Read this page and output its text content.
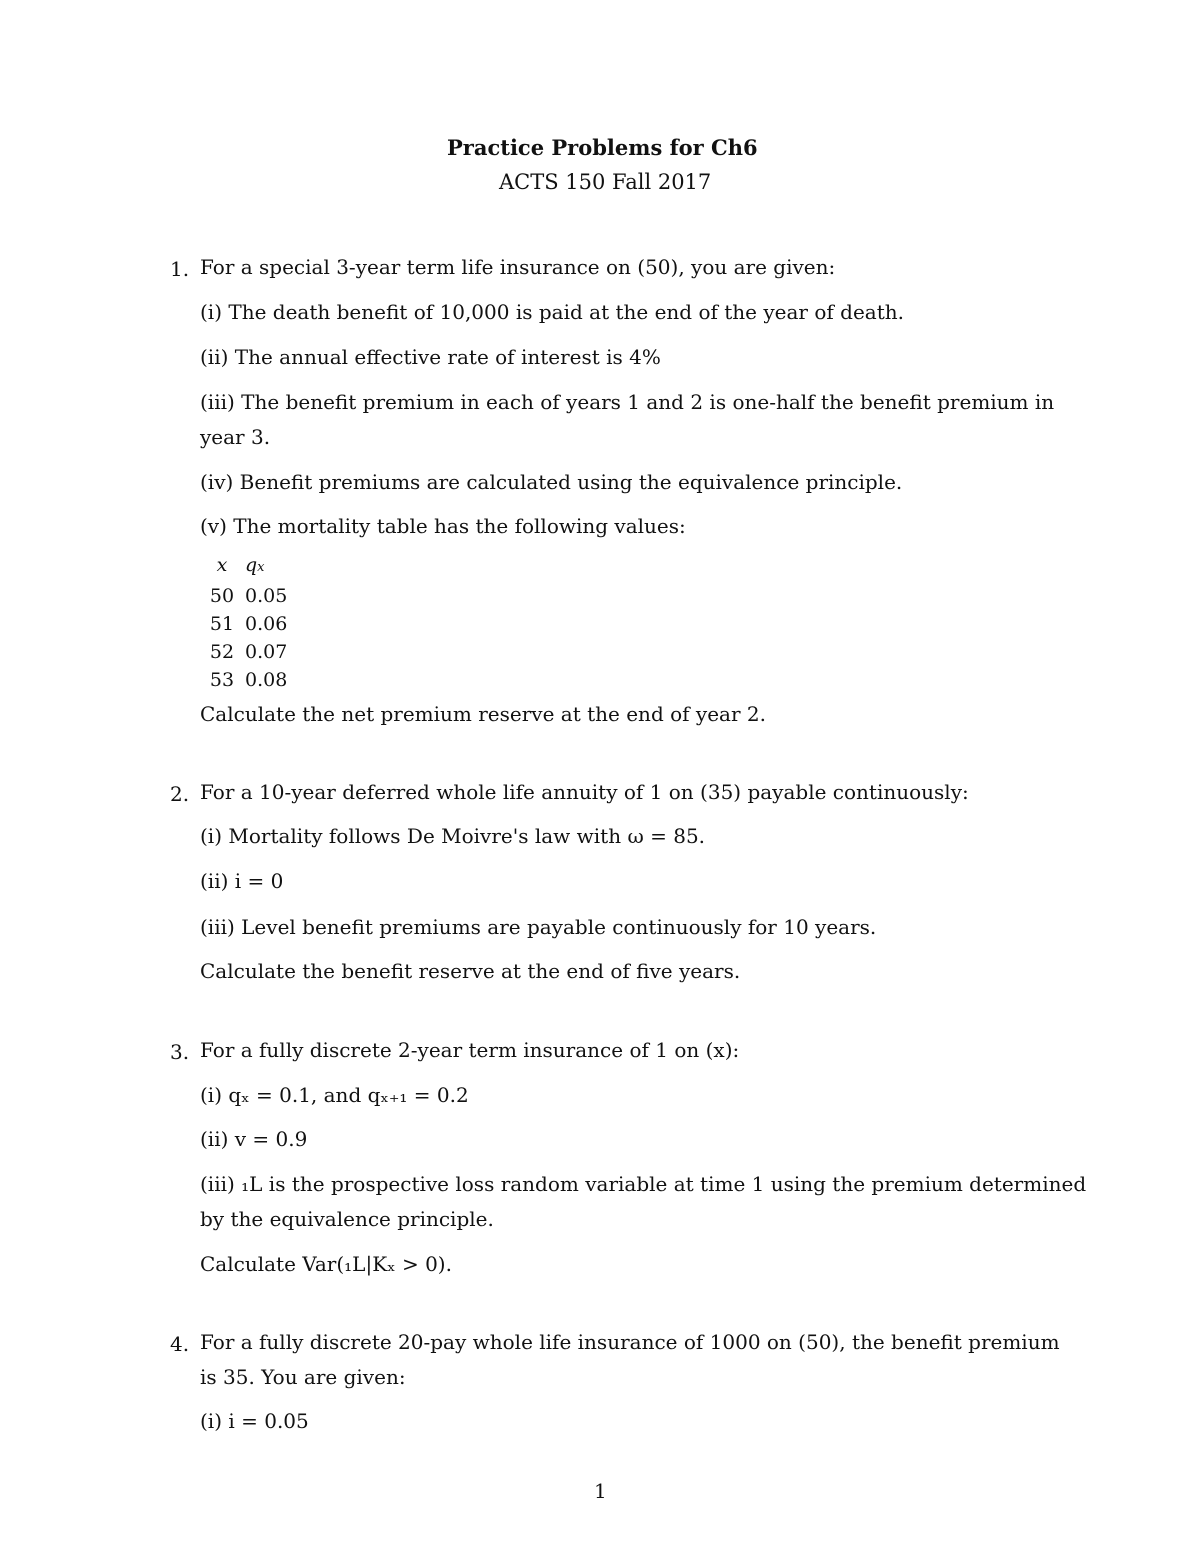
Practice Problems for Ch6
ACTS 150 Fall 2017
1. For a special 3-year term life insurance on (50), you are given:
(i) The death benefit of 10,000 is paid at the end of the year of death.
(ii) The annual effective rate of interest is 4%
(iii) The benefit premium in each of years 1 and 2 is one-half the benefit premium in
year 3.
(iv) Benefit premiums are calculated using the equivalence principle.
(v) The mortality table has the following values:
x qx
50 0.05
51 0.06
52 0.07
53 0.08
Calculate the net premium reserve at the end of year 2.
2. For a 10-year deferred whole life annuity of 1 on (35) payable continuously:
(i) Mortality follows De Moivre's law with ω = 85.
(ii) i = 0
(iii) Level benefit premiums are payable continuously for 10 years.
Calculate the benefit reserve at the end of five years.
3. For a fully discrete 2-year term insurance of 1 on (x):
(i) qₓ = 0.1, and qₓ₊₁ = 0.2
(ii) v = 0.9
(iii) ₁L is the prospective loss random variable at time 1 using the premium determined
by the equivalence principle.
Calculate Var(₁L|Kₓ > 0).
4. For a fully discrete 20-pay whole life insurance of 1000 on (50), the benefit premium
is 35. You are given:
(i) i = 0.05
1
